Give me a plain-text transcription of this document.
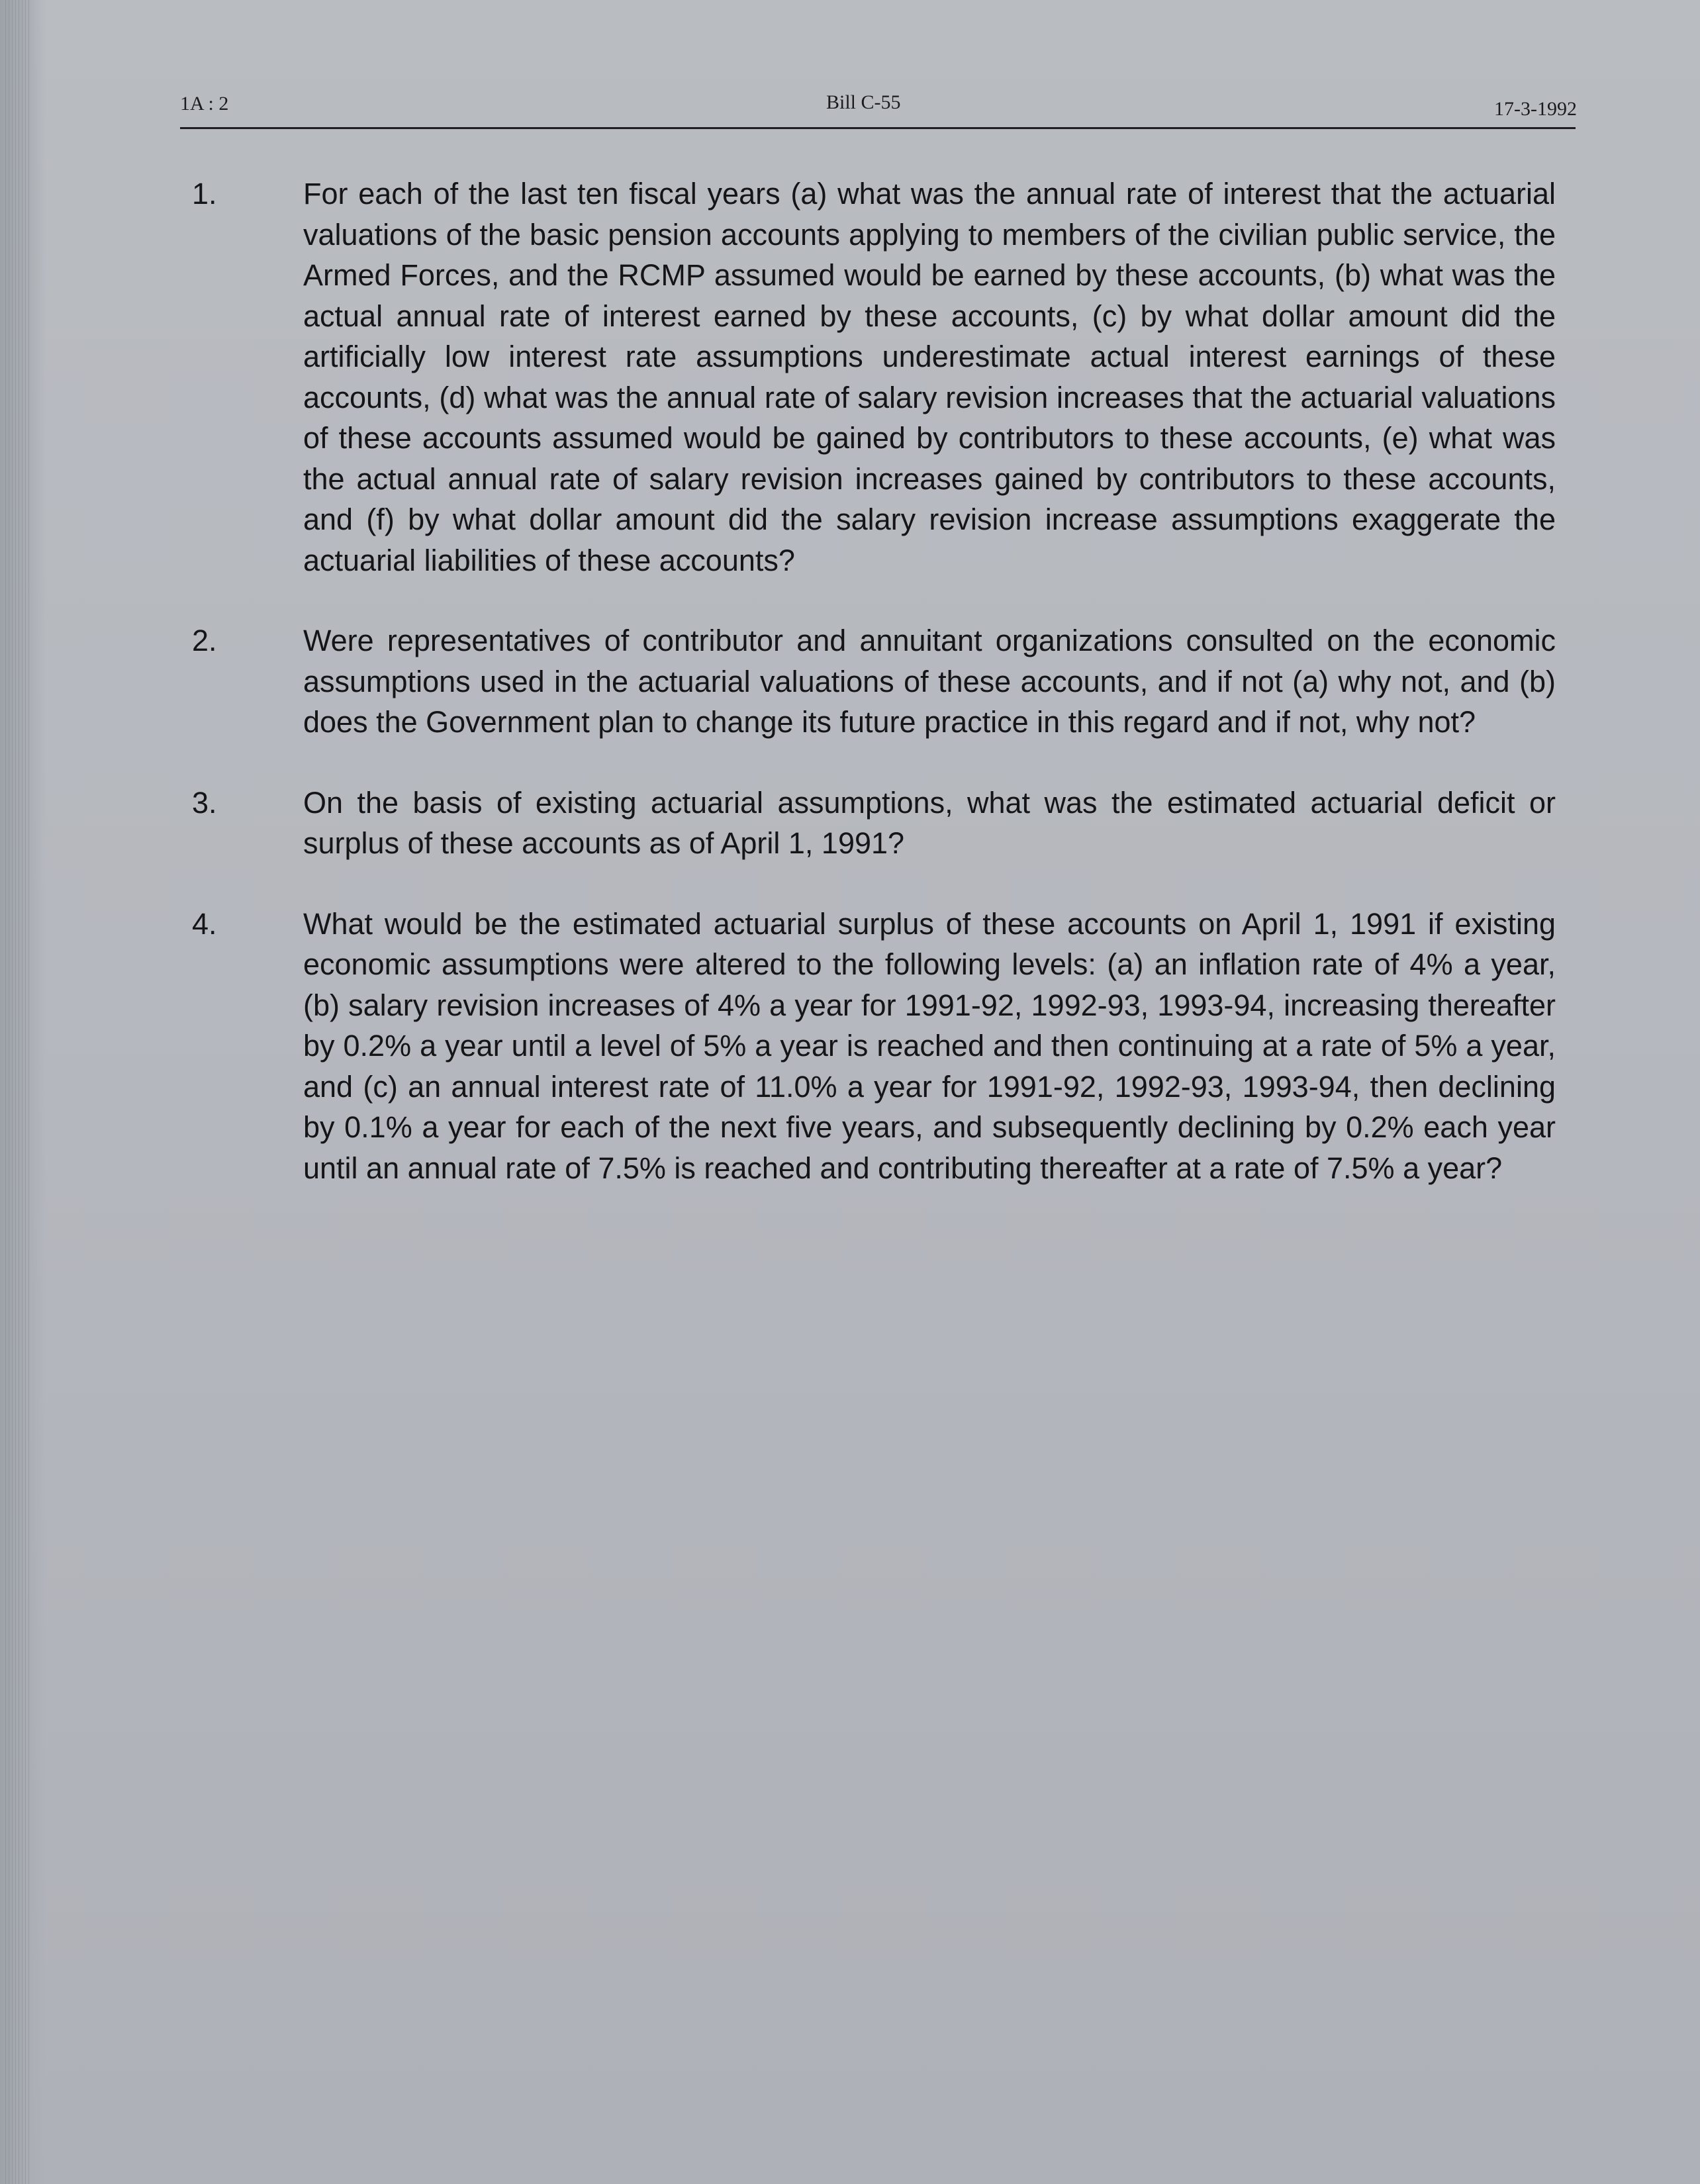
1A : 2	Bill C-55	17-3-1992
1.	For each of the last ten fiscal years (a) what was the annual rate of interest that the actuarial valuations of the basic pension accounts applying to members of the civilian public service, the Armed Forces, and the RCMP assumed would be earned by these accounts, (b) what was the actual annual rate of interest earned by these accounts, (c) by what dollar amount did the artificially low interest rate assumptions underestimate actual interest earnings of these accounts, (d) what was the annual rate of salary revision increases that the actuarial valuations of these accounts assumed would be gained by contributors to these accounts, (e) what was the actual annual rate of salary revision increases gained by contributors to these accounts, and (f) by what dollar amount did the salary revision increase assumptions exaggerate the actuarial liabilities of these accounts?
2.	Were representatives of contributor and annuitant organizations consulted on the economic assumptions used in the actuarial valuations of these accounts, and if not (a) why not, and (b) does the Government plan to change its future practice in this regard and if not, why not?
3.	On the basis of existing actuarial assumptions, what was the estimated actuarial deficit or surplus of these accounts as of April 1, 1991?
4.	What would be the estimated actuarial surplus of these accounts on April 1, 1991 if existing economic assumptions were altered to the following levels: (a) an inflation rate of 4% a year, (b) salary revision increases of 4% a year for 1991-92, 1992-93, 1993-94, increasing thereafter by 0.2% a year until a level of 5% a year is reached and then continuing at a rate of 5% a year, and (c) an annual interest rate of 11.0% a year for 1991-92, 1992-93, 1993-94, then declining by 0.1% a year for each of the next five years, and subsequently declining by 0.2% each year until an annual rate of 7.5% is reached and contributing thereafter at a rate of 7.5% a year?
